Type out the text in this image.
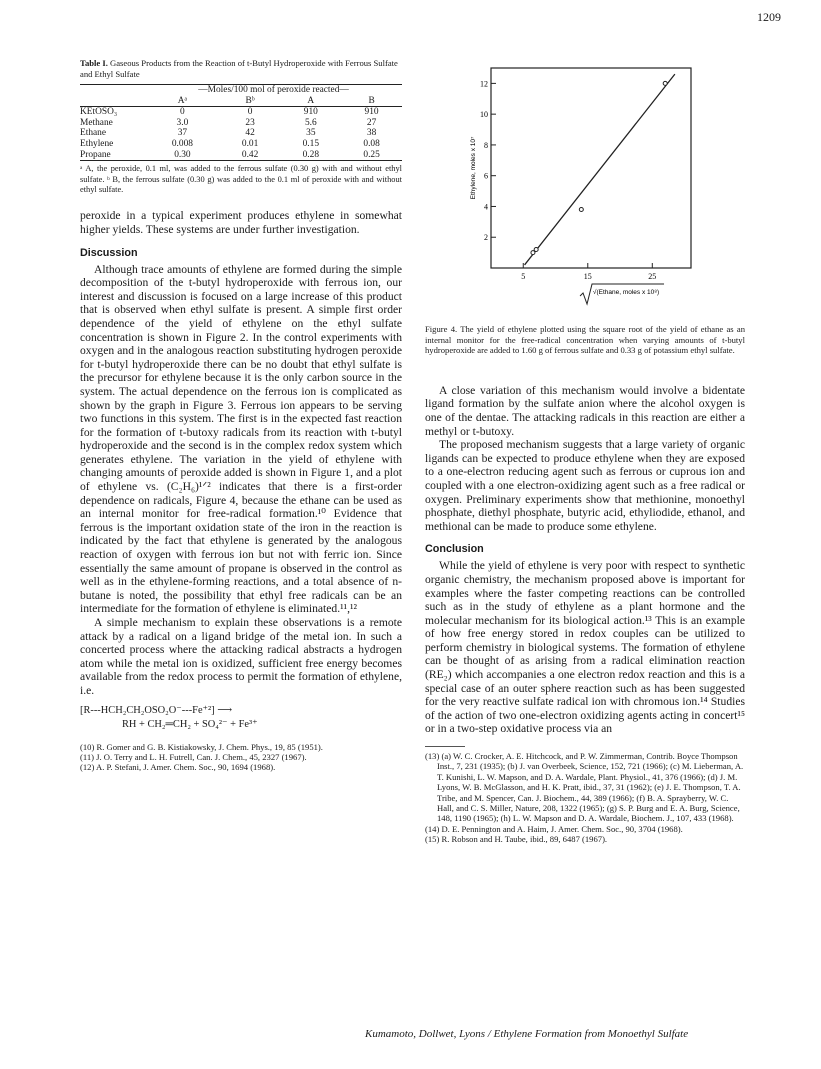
1209
Table I. Gaseous Products from the Reaction of t-Butyl Hydroperoxide with Ferrous Sulfate and Ethyl Sulfate
	—Moles/100 mol of peroxide reacted—			
	Aᵃ	Bᵇ	A	B
KEtOSO₃	0	0	910	910
Methane	3.0	23	5.6	27
Ethane	37	42	35	38
Ethylene	0.008	0.01	0.15	0.08
Propane	0.30	0.42	0.28	0.25

ᵃ A, the peroxide, 0.1 ml, was added to the ferrous sulfate (0.30 g) with and without ethyl sulfate. ᵇ B, the ferrous sulfate (0.30 g) was added to the 0.1 ml of peroxide with and without ethyl sulfate.

peroxide in a typical experiment produces ethylene in somewhat higher yields. These systems are under further investigation.

Discussion

Although trace amounts of ethylene are formed during the simple decomposition of the t-butyl hydroperoxide with ferrous ion, our interest and discussion is focused on a large increase of this product that is observed when ethyl sulfate is present. A simple first order dependence of the yield of ethylene on the ethyl sulfate concentration is shown in Figure 2. In the control experiments with oxygen and in the analogous reaction substituting hydrogen peroxide for t-butyl hydroperoxide there can be no doubt that ethyl sulfate is the precursor for ethylene because it is the only carbon source in the system. The actual dependence on the ferrous ion is complicated as shown by the graph in Figure 3. Ferrous ion appears to be serving two functions in this system. The first is in the expected fast reaction for the formation of t-butoxy radicals from its reaction with t-butyl hydroperoxide and the second is in the complex redox system which generates ethylene. The variation in the yield of ethylene with changing amounts of peroxide added is shown in Figure 1, and a plot of ethylene vs. (C₂H₆)¹ᐟ² indicates that there is a first-order dependence on radicals, Figure 4, because the ethane can be used as an internal monitor for free-radical formation.¹⁰ Evidence that ferrous is the important oxidation state of the iron in the reaction is indicated by the fact that ethylene is generated by the analogous reaction of oxygen with ferrous ion but not with ferric ion. Since essentially the same amount of propane is observed in the control as well as in the ethylene-forming reactions, and a total absence of n-butane is noted, the possibility that ethyl free radicals can be an intermediate for the formation of ethylene is eliminated.¹¹,¹²

A simple mechanism to explain these observations is a remote attack by a radical on a ligand bridge of the metal ion. In such a concerted process where the attacking radical abstracts a hydrogen atom while the metal ion is oxidized, sufficient free energy becomes available from the redox process to permit the formation of ethylene, i.e.

[R---HCH₂CH₂OSO₂O⁻---Fe⁺²] ⟶
RH + CH₂═CH₂ + SO₄²⁻ + Fe³⁺

(10) R. Gomer and G. B. Kistiakowsky, J. Chem. Phys., 19, 85 (1951).

(11) J. O. Terry and L. H. Futrell, Can. J. Chem., 45, 2327 (1967).

(12) A. P. Stefani, J. Amer. Chem. Soc., 90, 1694 (1968).

2
4
6
8
10
12
5	15	25
Ethylene, moles x 10⁷
√(Ethane, moles x 10⁸)

Figure 4. The yield of ethylene plotted using the square root of the yield of ethane as an internal monitor for the free-radical concentration when varying amounts of t-butyl hydroperoxide are added to 1.60 g of ferrous sulfate and 0.33 g of potassium ethyl sulfate.

A close variation of this mechanism would involve a bidentate ligand formation by the sulfate anion where the alcohol oxygen is one of the dentae. The attacking radicals in this reaction are either a methyl or t-butoxy.

The proposed mechanism suggests that a large variety of organic ligands can be expected to produce ethylene when they are exposed to a one-electron reducing agent such as ferrous or cuprous ion and coupled with a one electron-oxidizing agent such as a free radical or oxygen. Preliminary experiments show that methionine, monoethyl phosphate, diethyl phosphate, butyric acid, ethyliodide, ethanol, and methional can be made to produce some ethylene.

Conclusion

While the yield of ethylene is very poor with respect to synthetic organic chemistry, the mechanism proposed above is important for examples where the faster competing reactions can be controlled such as in the study of ethylene as a plant hormone and the molecular mechanism for its biological action.¹³ This is an example of how free energy stored in redox couples can be utilized to perform chemistry in biological systems. The formation of ethylene can be thought of as arising from a radical elimination reaction (RE₂) which accompanies a one electron redox reaction and this is a special case of an outer sphere reaction such as has been suggested for the very reactive sulfate radical ion with chromous ion.¹⁴ Studies of the action of two one-electron oxidizing agents acting in concert¹⁵ or in a two-step oxidative process via an

(13) (a) W. C. Crocker, A. E. Hitchcock, and P. W. Zimmerman, Contrib. Boyce Thompson Inst., 7, 231 (1935); (b) J. van Overbeek, Science, 152, 721 (1966); (c) M. Lieberman, A. T. Kunishi, L. W. Mapson, and D. A. Wardale, Plant. Physiol., 41, 376 (1966); (d) J. M. Lyons, W. B. McGlasson, and H. K. Pratt, ibid., 37, 31 (1962); (e) J. E. Thompson, T. A. Tribe, and M. Spencer, Can. J. Biochem., 44, 389 (1966); (f) B. A. Sprayberry, W. C. Hall, and C. S. Miller, Nature, 208, 1322 (1965); (g) S. P. Burg and E. A. Burg, Science, 148, 1190 (1965); (h) L. W. Mapson and D. A. Wardale, Biochem. J., 107, 433 (1968).

(14) D. E. Pennington and A. Haim, J. Amer. Chem. Soc., 90, 3704 (1968).

(15) R. Robson and H. Taube, ibid., 89, 6487 (1967).

Kumamoto, Dollwet, Lyons / Ethylene Formation from Monoethyl Sulfate
